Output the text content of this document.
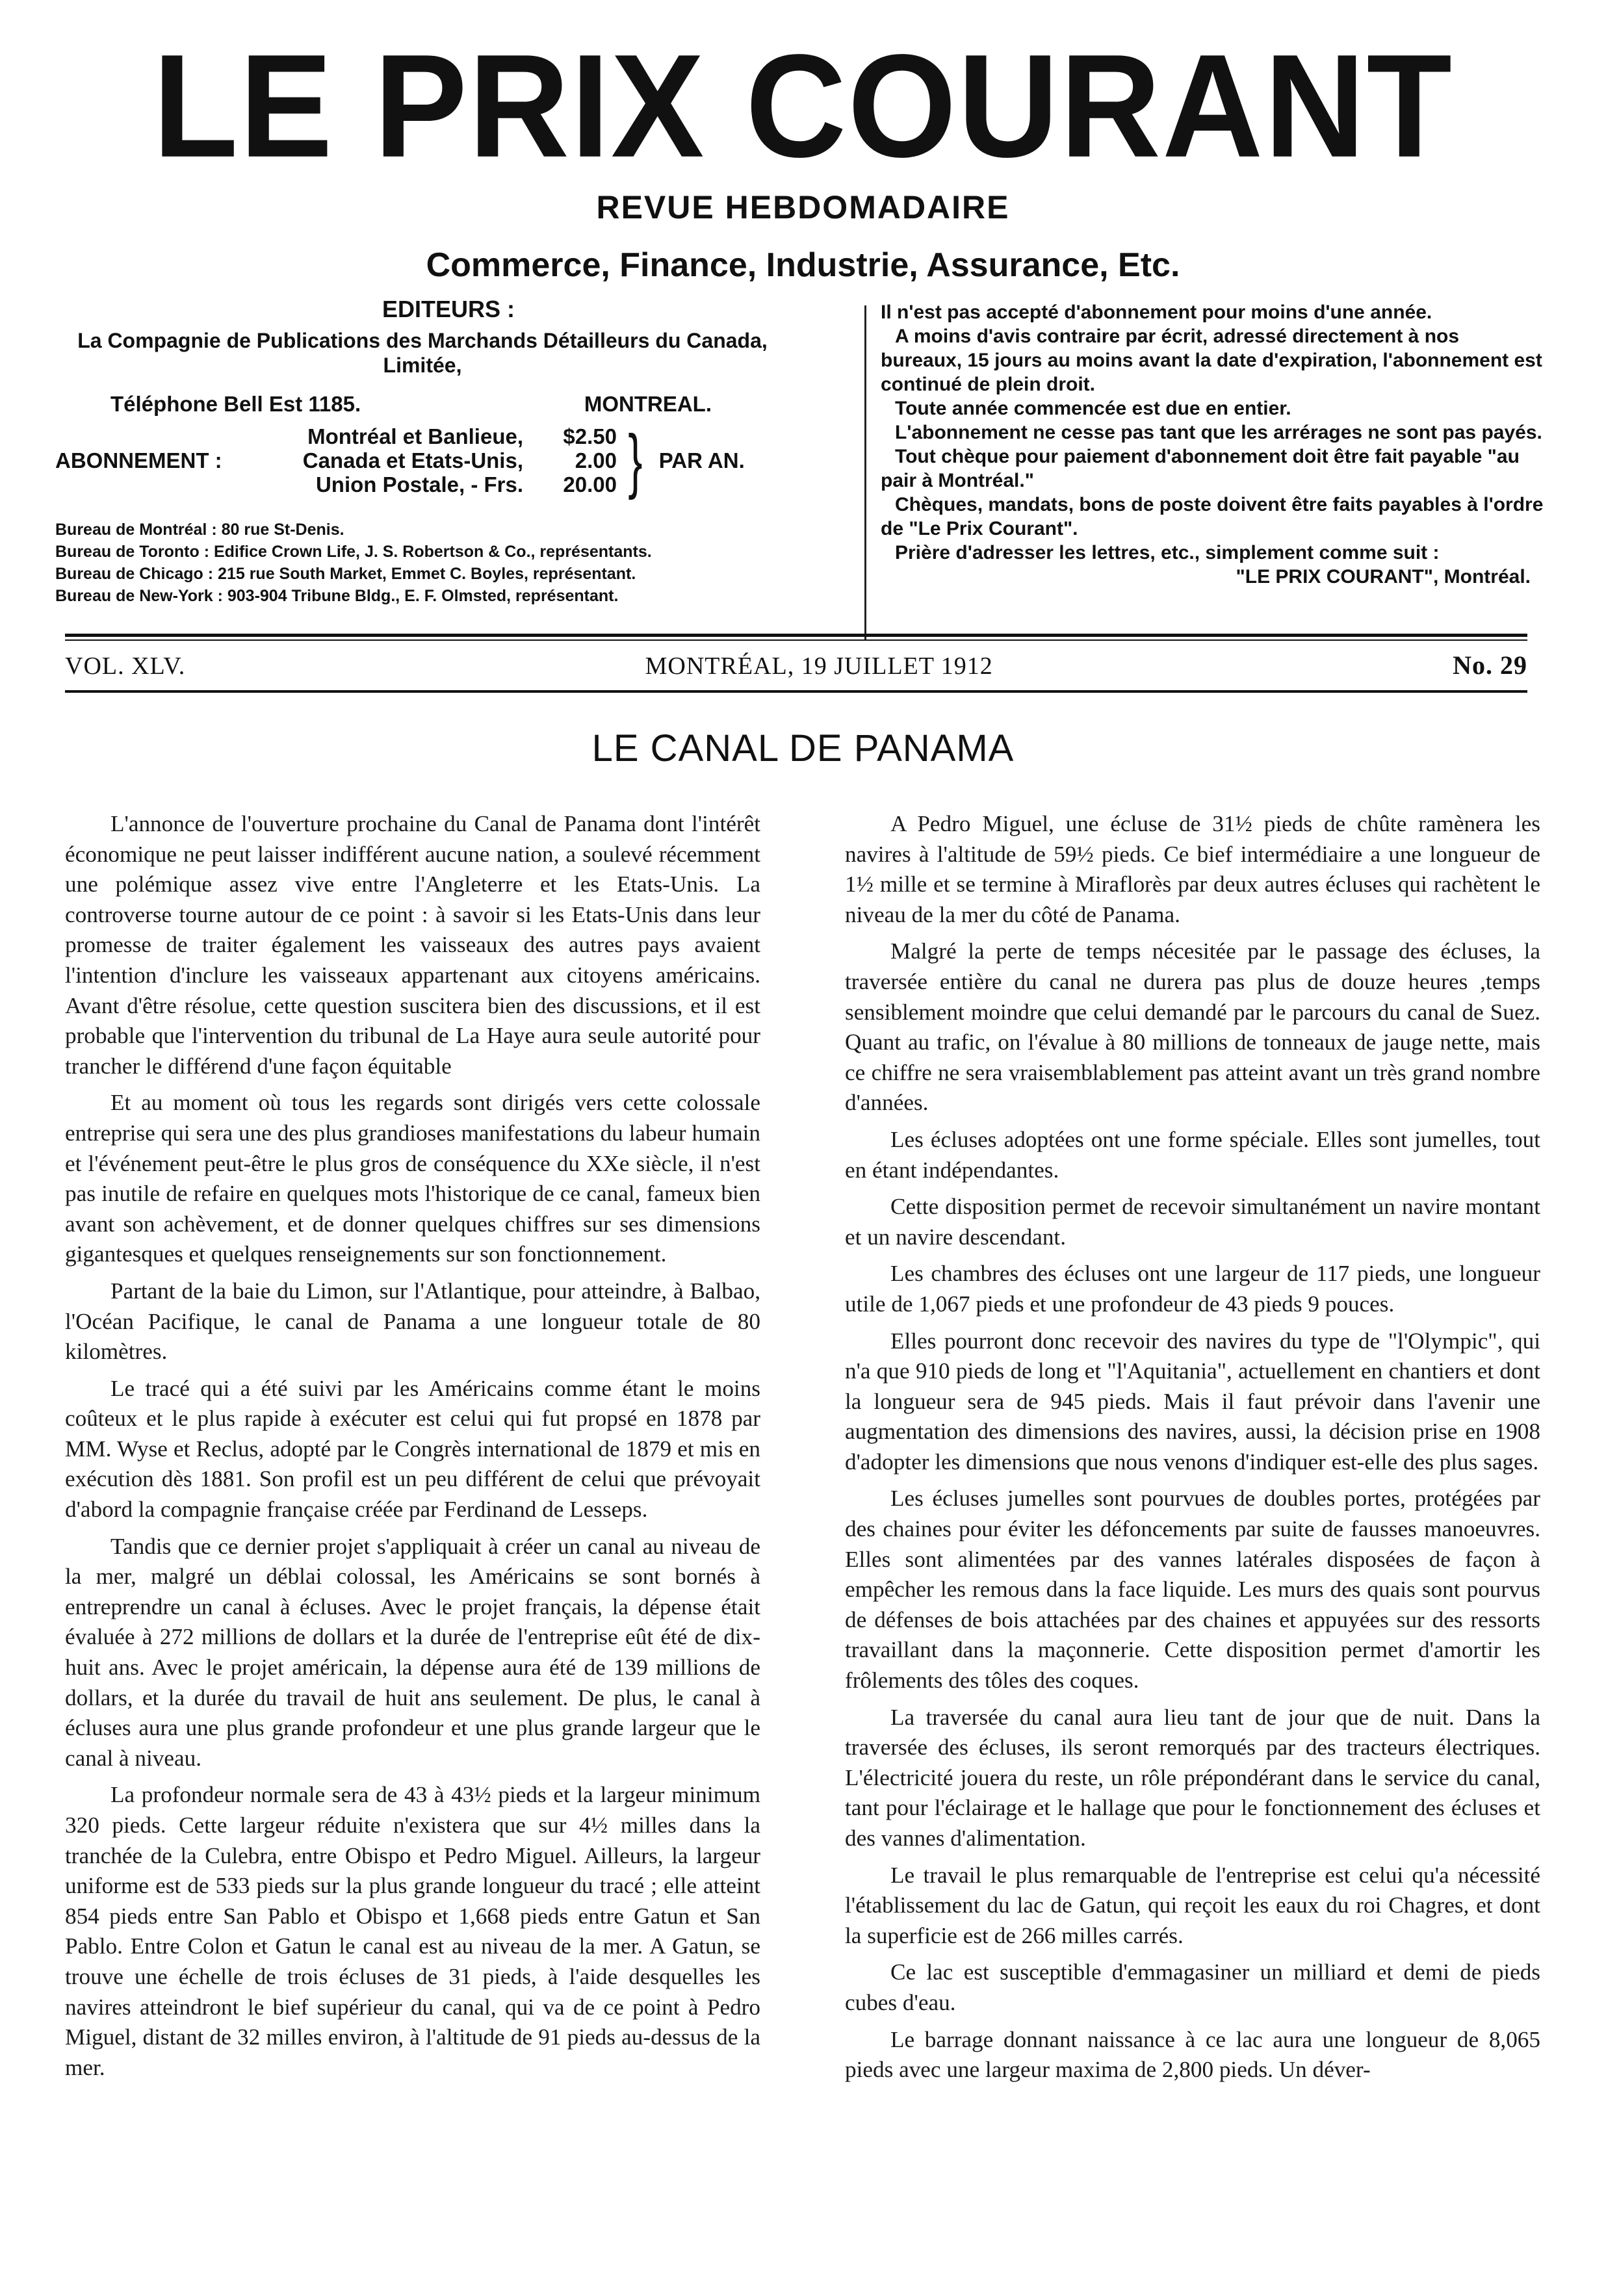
LE PRIX COURANT
REVUE HEBDOMADAIRE
Commerce, Finance, Industrie, Assurance, Etc.
EDITEURS :
La Compagnie de Publications des Marchands Détailleurs du Canada, Limitée,
Téléphone Bell Est 1185.	MONTREAL.
ABONNEMENT :
Montréal et Banlieue,	$2.50
Canada et Etats-Unis,	2.00
Union Postale, - Frs.	20.00 } PAR AN.
Bureau de Montréal : 80 rue St-Denis.
Bureau de Toronto : Edifice Crown Life, J. S. Robertson & Co., représentants.
Bureau de Chicago : 215 rue South Market, Emmet C. Boyles, représentant.
Bureau de New-York : 903-904 Tribune Bldg., E. F. Olmsted, représentant.

Il n'est pas accepté d'abonnement pour moins d'une année.

A moins d'avis contraire par écrit, adressé directement à nos bureaux, 15 jours au moins avant la date d'expiration, l'abonnement est continué de plein droit.

Toute année commencée est due en entier.

L'abonnement ne cesse pas tant que les arrérages ne sont pas payés.

Tout chèque pour paiement d'abonnement doit être fait payable "au pair à Montréal."

Chèques, mandats, bons de poste doivent être faits payables à l'ordre de "Le Prix Courant".

Prière d'adresser les lettres, etc., simplement comme suit :

"LE PRIX COURANT", Montréal.

VOL. XLV.	MONTRÉAL, 19 JUILLET 1912	No. 29
LE CANAL DE PANAMA

L'annonce de l'ouverture prochaine du Canal de Panama dont l'intérêt économique ne peut laisser indifférent aucune nation, a soulevé récemment une polémique assez vive entre l'Angleterre et les Etats-Unis. La controverse tourne autour de ce point : à savoir si les Etats-Unis dans leur promesse de traiter également les vaisseaux des autres pays avaient l'intention d'inclure les vaisseaux appartenant aux citoyens américains. Avant d'être résolue, cette question suscitera bien des discussions, et il est probable que l'intervention du tribunal de La Haye aura seule autorité pour trancher le différend d'une façon équitable

Et au moment où tous les regards sont dirigés vers cette colossale entreprise qui sera une des plus grandioses manifestations du labeur humain et l'événement peut-être le plus gros de conséquence du XXe siècle, il n'est pas inutile de refaire en quelques mots l'historique de ce canal, fameux bien avant son achèvement, et de donner quelques chiffres sur ses dimensions gigantesques et quelques renseignements sur son fonctionnement.

Partant de la baie du Limon, sur l'Atlantique, pour atteindre, à Balbao, l'Océan Pacifique, le canal de Panama a une longueur totale de 80 kilomètres.

Le tracé qui a été suivi par les Américains comme étant le moins coûteux et le plus rapide à exécuter est celui qui fut propsé en 1878 par MM. Wyse et Reclus, adopté par le Congrès international de 1879 et mis en exécution dès 1881. Son profil est un peu différent de celui que prévoyait d'abord la compagnie française créée par Ferdinand de Lesseps.

Tandis que ce dernier projet s'appliquait à créer un canal au niveau de la mer, malgré un déblai colossal, les Américains se sont bornés à entreprendre un canal à écluses. Avec le projet français, la dépense était évaluée à 272 millions de dollars et la durée de l'entreprise eût été de dix-huit ans. Avec le projet américain, la dépense aura été de 139 millions de dollars, et la durée du travail de huit ans seulement. De plus, le canal à écluses aura une plus grande profondeur et une plus grande largeur que le canal à niveau.

La profondeur normale sera de 43 à 43½ pieds et la largeur minimum 320 pieds. Cette largeur réduite n'existera que sur 4½ milles dans la tranchée de la Culebra, entre Obispo et Pedro Miguel. Ailleurs, la largeur uniforme est de 533 pieds sur la plus grande longueur du tracé ; elle atteint 854 pieds entre San Pablo et Obispo et 1,668 pieds entre Gatun et San Pablo. Entre Colon et Gatun le canal est au niveau de la mer. A Gatun, se trouve une échelle de trois écluses de 31 pieds, à l'aide desquelles les navires atteindront le bief supérieur du canal, qui va de ce point à Pedro Miguel, distant de 32 milles environ, à l'altitude de 91 pieds au-dessus de la mer.

A Pedro Miguel, une écluse de 31½ pieds de chûte ramènera les navires à l'altitude de 59½ pieds. Ce bief intermédiaire a une longueur de 1½ mille et se termine à Miraflorès par deux autres écluses qui rachètent le niveau de la mer du côté de Panama.

Malgré la perte de temps nécesitée par le passage des écluses, la traversée entière du canal ne durera pas plus de douze heures ,temps sensiblement moindre que celui demandé par le parcours du canal de Suez. Quant au trafic, on l'évalue à 80 millions de tonneaux de jauge nette, mais ce chiffre ne sera vraisemblablement pas atteint avant un très grand nombre d'années.

Les écluses adoptées ont une forme spéciale. Elles sont jumelles, tout en étant indépendantes.

Cette disposition permet de recevoir simultanément un navire montant et un navire descendant.

Les chambres des écluses ont une largeur de 117 pieds, une longueur utile de 1,067 pieds et une profondeur de 43 pieds 9 pouces.

Elles pourront donc recevoir des navires du type de "l'Olympic", qui n'a que 910 pieds de long et "l'Aquitania", actuellement en chantiers et dont la longueur sera de 945 pieds. Mais il faut prévoir dans l'avenir une augmentation des dimensions des navires, aussi, la décision prise en 1908 d'adopter les dimensions que nous venons d'indiquer est-elle des plus sages.

Les écluses jumelles sont pourvues de doubles portes, protégées par des chaines pour éviter les défoncements par suite de fausses manoeuvres. Elles sont alimentées par des vannes latérales disposées de façon à empêcher les remous dans la face liquide. Les murs des quais sont pourvus de défenses de bois attachées par des chaines et appuyées sur des ressorts travaillant dans la maçonnerie. Cette disposition permet d'amortir les frôlements des tôles des coques.

La traversée du canal aura lieu tant de jour que de nuit. Dans la traversée des écluses, ils seront remorqués par des tracteurs électriques. L'électricité jouera du reste, un rôle prépondérant dans le service du canal, tant pour l'éclairage et le hallage que pour le fonctionnement des écluses et des vannes d'alimentation.

Le travail le plus remarquable de l'entreprise est celui qu'a nécessité l'établissement du lac de Gatun, qui reçoit les eaux du roi Chagres, et dont la superficie est de 266 milles carrés.

Ce lac est susceptible d'emmagasiner un milliard et demi de pieds cubes d'eau.

Le barrage donnant naissance à ce lac aura une longueur de 8,065 pieds avec une largeur maxima de 2,800 pieds. Un déver-
